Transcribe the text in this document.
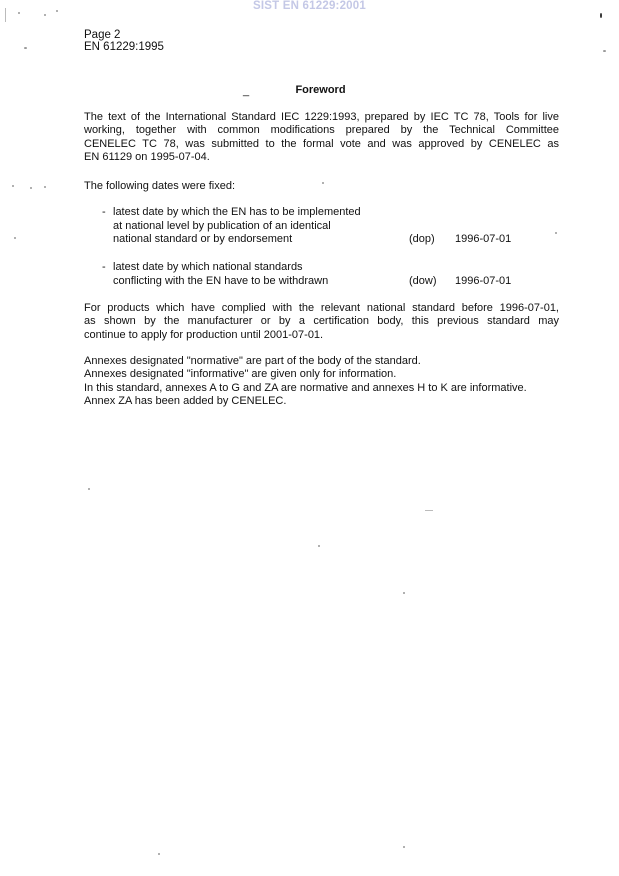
SIST EN 61229:2001
Page 2
EN 61229:1995
_	Foreword
The text of the International Standard IEC 1229:1993, prepared by IEC TC 78, Tools for live
working, together with common modifications prepared by the Technical Committee
CENELEC TC 78, was submitted to the formal vote and was approved by CENELEC as
EN 61129 on 1995-07-04.
The following dates were fixed:
- latest date by which the EN has to be implemented
at national level by publication of an identical
national standard or by endorsement	(dop) 1996-07-01
- latest date by which national standards
conflicting with the EN have to be withdrawn	(dow) 1996-07-01
For products which have complied with the relevant national standard before 1996-07-01,
as shown by the manufacturer or by a certification body, this previous standard may
continue to apply for production until 2001-07-01.
Annexes designated "normative" are part of the body of the standard.
Annexes designated "informative" are given only for information.
In this standard, annexes A to G and ZA are normative and annexes H to K are informative.
Annex ZA has been added by CENELEC.
